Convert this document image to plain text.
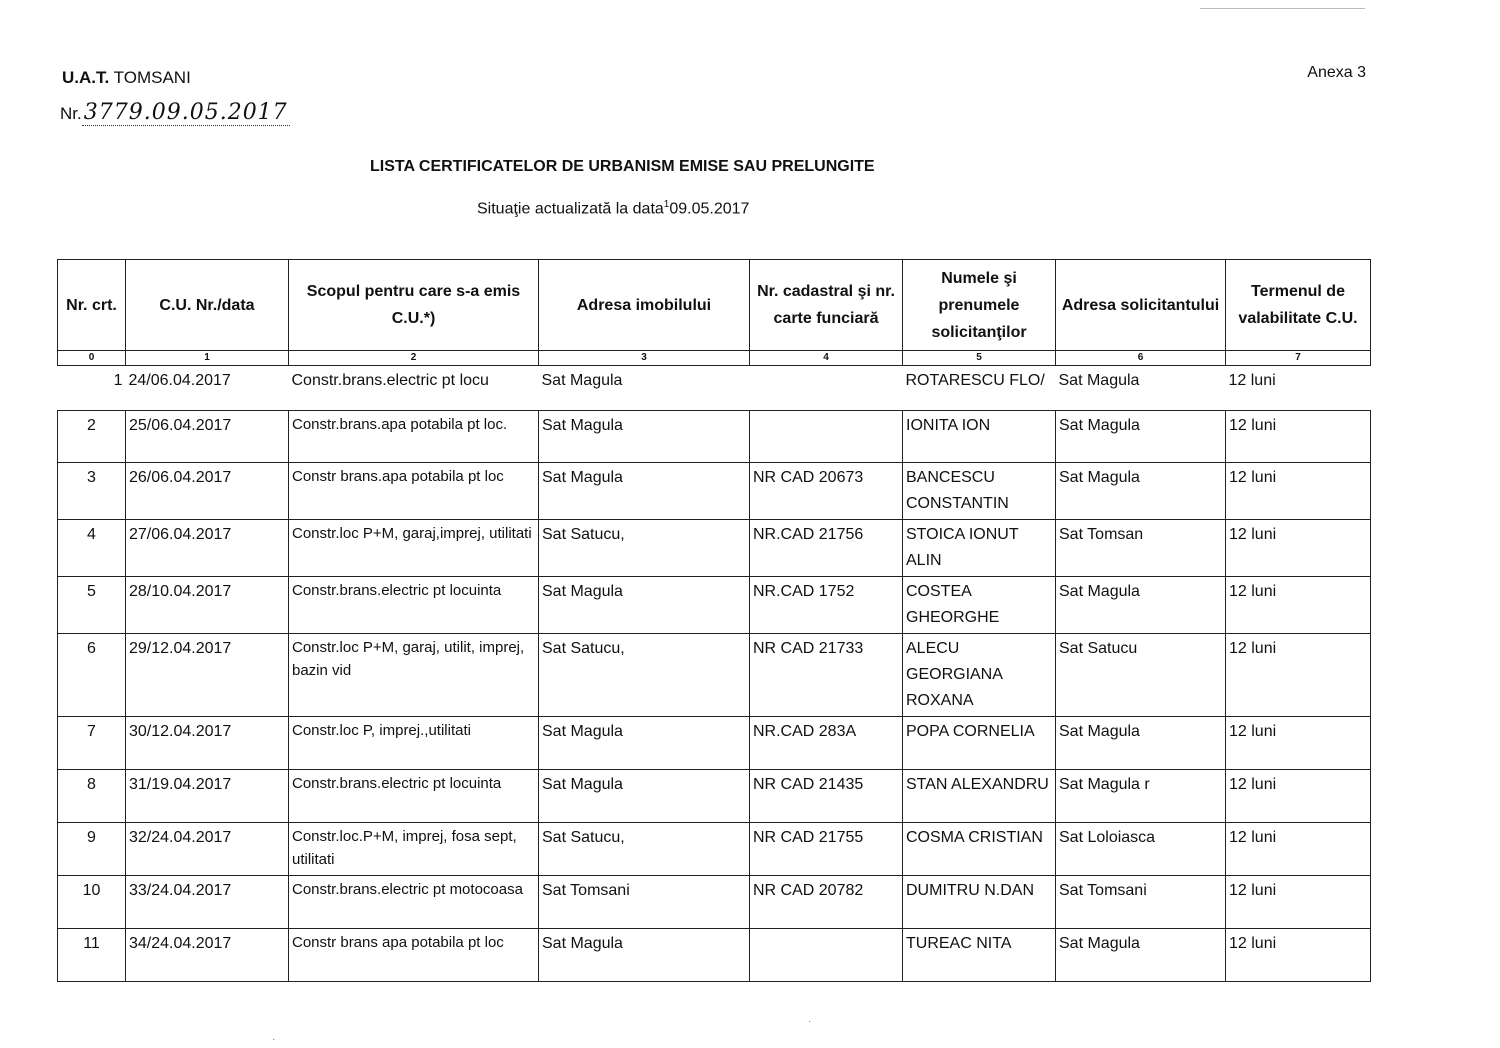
U.A.T. TOMSANI
Nr.3779.09.05.2017
Anexa 3
LISTA CERTIFICATELOR DE URBANISM EMISE SAU PRELUNGITE
Situaţie actualizată la data$^1$09.05.2017
Nr. crt.	C.U. Nr./data	Scopul pentru care s-a emis C.U.*)	Adresa imobilului	Nr. cadastral şi nr. carte funciară	Numele şi prenumele solicitanţilor	Adresa solicitantului	Termenul de valabilitate C.U.
0	1	2	3	4	5	6	7
1	24/06.04.2017	Constr.brans.electric pt locu	Sat Magula		ROTARESCU FLO/	Sat Magula	12 luni
2	25/06.04.2017	Constr.brans.apa potabila pt loc.	Sat Magula		IONITA ION	Sat Magula	12 luni
3	26/06.04.2017	Constr brans.apa potabila pt loc	Sat Magula	NR CAD 20673	BANCESCU CONSTANTIN	Sat Magula	12 luni
4	27/06.04.2017	Constr.loc P+M, garaj,imprej, utilitati	Sat Satucu,	NR.CAD 21756	STOICA IONUT ALIN	Sat Tomsan	12 luni
5	28/10.04.2017	Constr.brans.electric pt locuinta	Sat Magula	NR.CAD 1752	COSTEA GHEORGHE	Sat Magula	12 luni
6	29/12.04.2017	Constr.loc P+M, garaj, utilit, imprej, bazin vid	Sat Satucu,	NR CAD 21733	ALECU GEORGIANA ROXANA	Sat Satucu	12 luni
7	30/12.04.2017	Constr.loc P, imprej.,utilitati	Sat Magula	NR.CAD 283A	POPA CORNELIA	Sat Magula	12 luni
8	31/19.04.2017	Constr.brans.electric pt locuinta	Sat Magula	NR CAD 21435	STAN ALEXANDRU	Sat Magula r	12 luni
9	32/24.04.2017	Constr.loc.P+M, imprej, fosa sept, utilitati	Sat Satucu,	NR CAD 21755	COSMA CRISTIAN	Sat Loloiasca	12 luni
10	33/24.04.2017	Constr.brans.electric pt motocoasa	Sat Tomsani	NR CAD 20782	DUMITRU N.DAN	Sat Tomsani	12 luni
11	34/24.04.2017	Constr brans apa potabila pt loc	Sat Magula		TUREAC NITA	Sat Magula	12 luni
·
·
